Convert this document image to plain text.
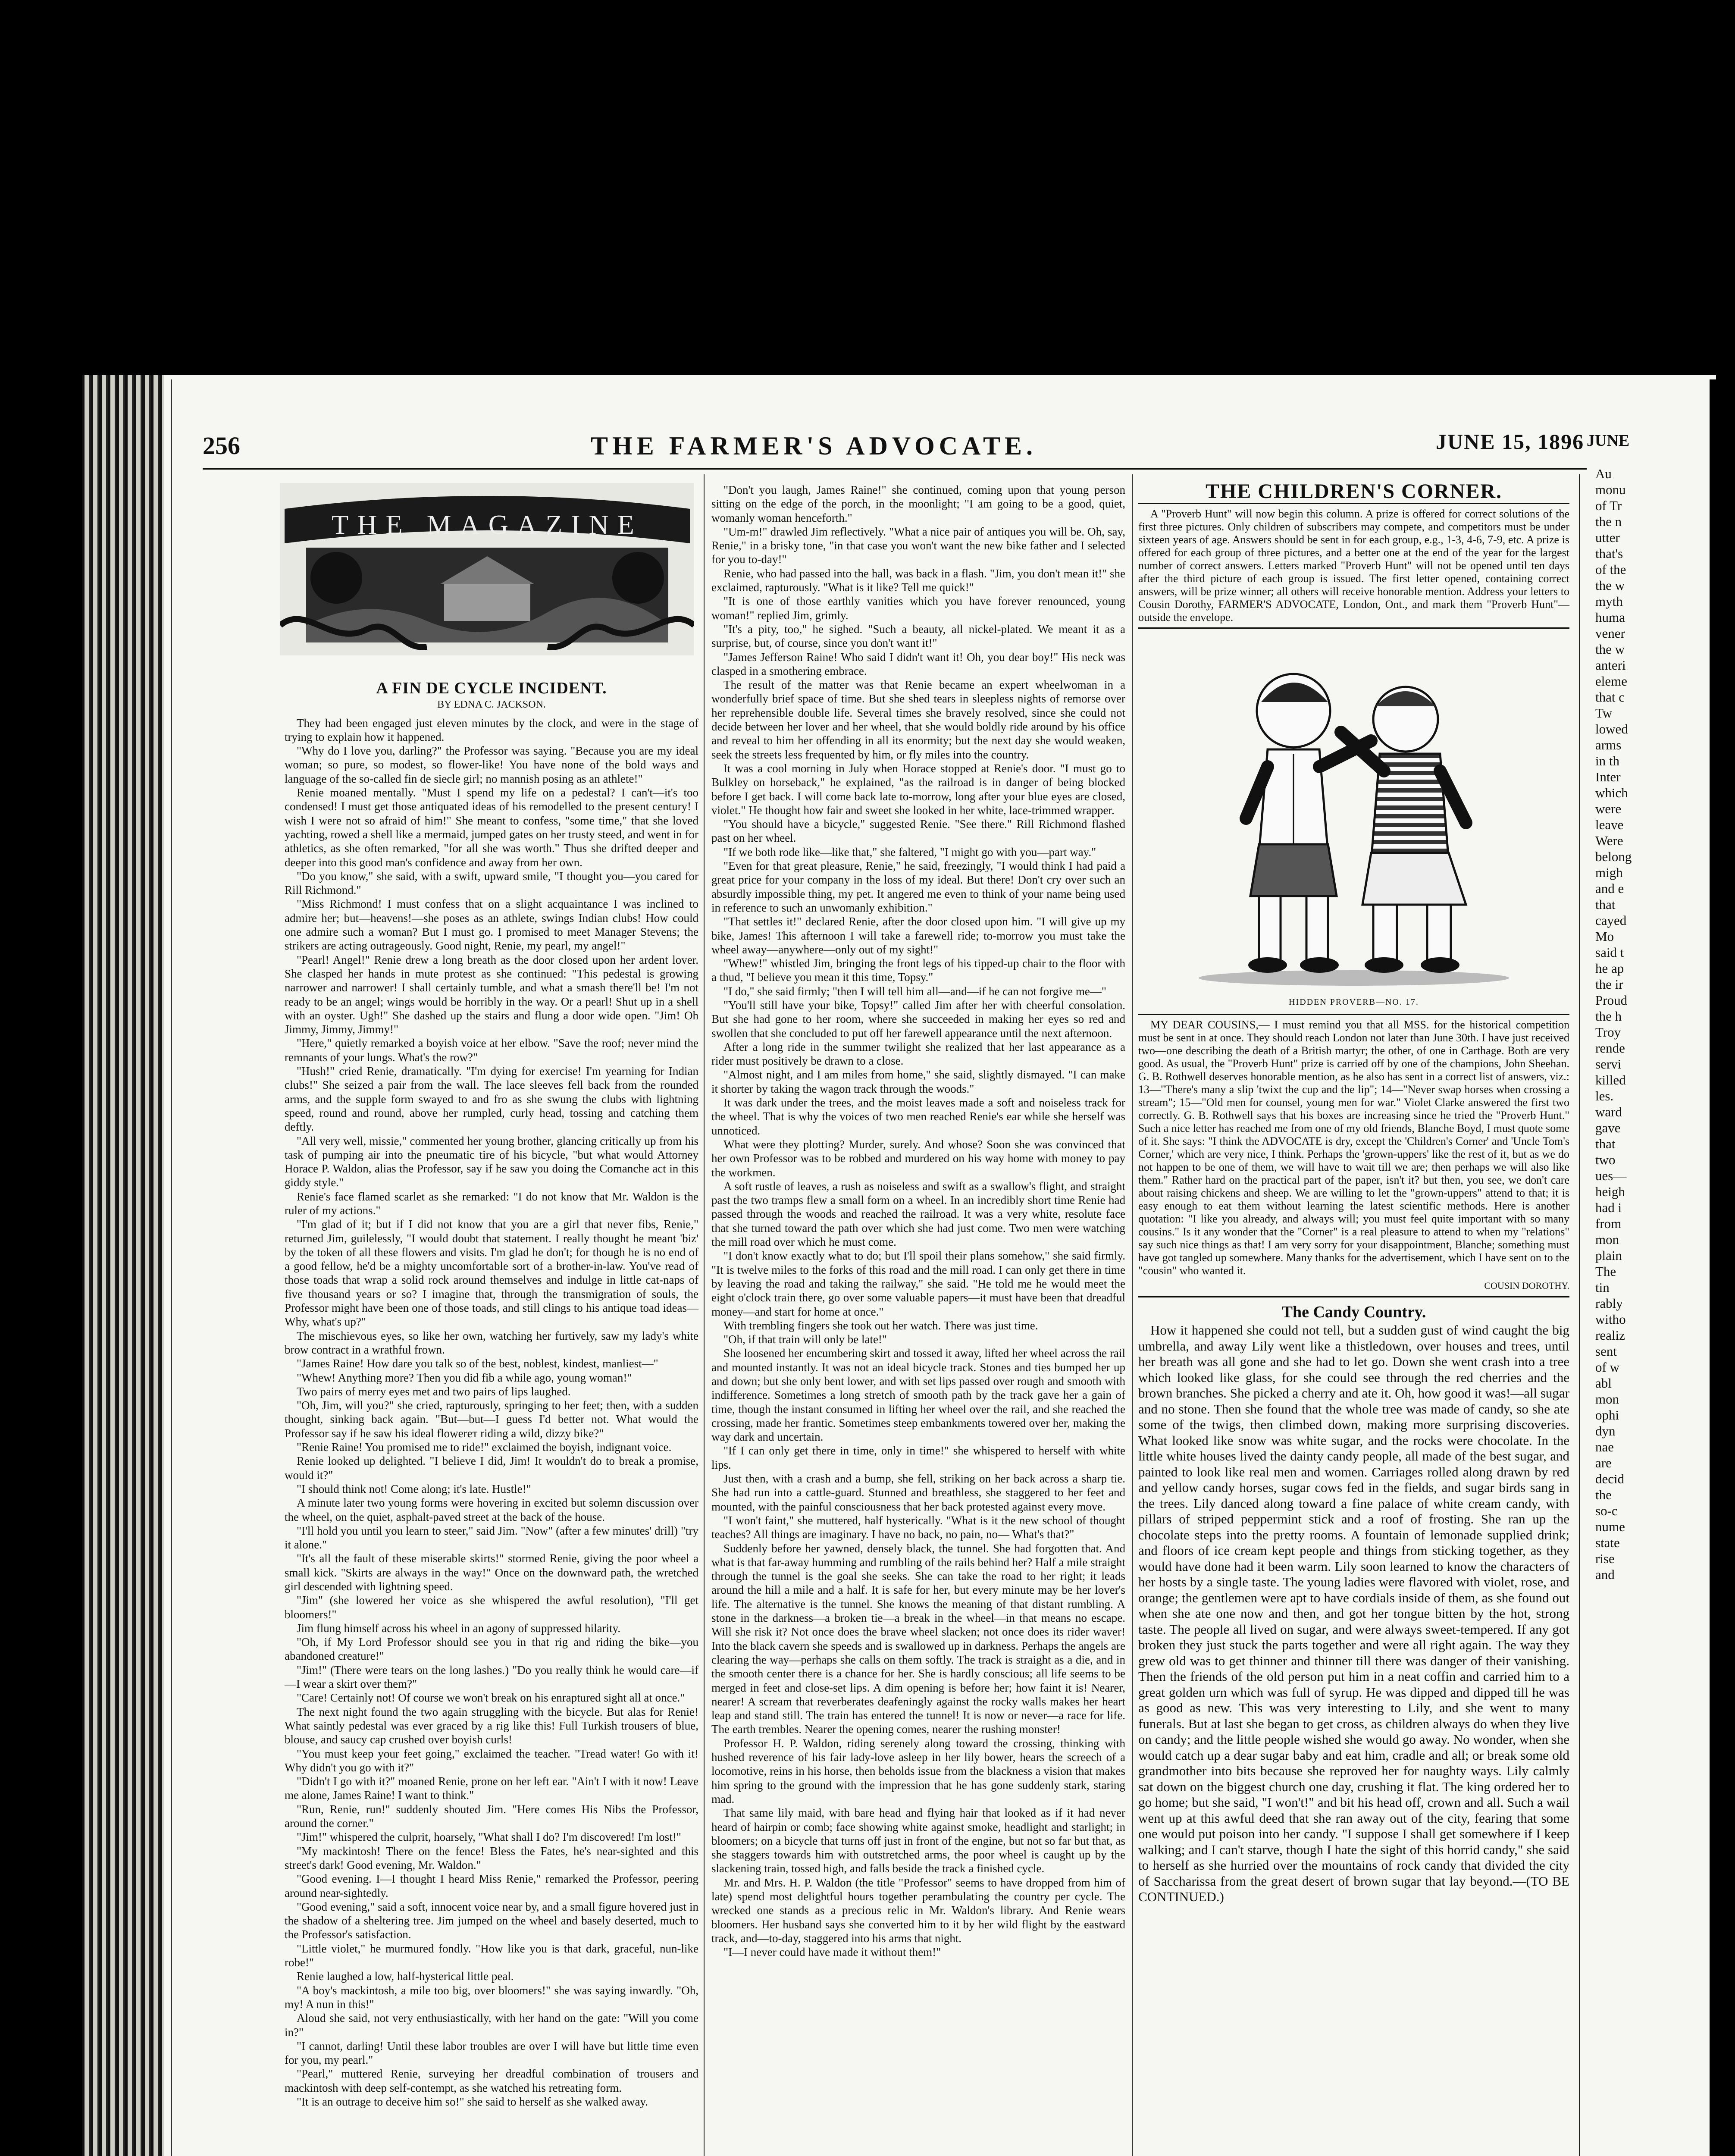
256	THE FARMER'S ADVOCATE.	JUNE 15, 1896 JUNE
THE MAGAZINE
A FIN DE CYCLE INCIDENT.
BY EDNA C. JACKSON.

They had been engaged just eleven minutes by the clock, and were in the stage of trying to explain how it happened.

"Why do I love you, darling?" the Professor was saying. "Because you are my ideal woman; so pure, so modest, so flower-like! You have none of the bold ways and language of the so-called fin de siecle girl; no mannish posing as an athlete!"

Renie moaned mentally. "Must I spend my life on a pedestal? I can't—it's too condensed! I must get those antiquated ideas of his remodelled to the present century! I wish I were not so afraid of him!" She meant to confess, "some time," that she loved yachting, rowed a shell like a mermaid, jumped gates on her trusty steed, and went in for athletics, as she often remarked, "for all she was worth." Thus she drifted deeper and deeper into this good man's confidence and away from her own.

"Do you know," she said, with a swift, upward smile, "I thought you—you cared for Rill Richmond."

"Miss Richmond! I must confess that on a slight acquaintance I was inclined to admire her; but—heavens!—she poses as an athlete, swings Indian clubs! How could one admire such a woman? But I must go. I promised to meet Manager Stevens; the strikers are acting outrageously. Good night, Renie, my pearl, my angel!"

"Pearl! Angel!" Renie drew a long breath as the door closed upon her ardent lover. She clasped her hands in mute protest as she continued: "This pedestal is growing narrower and narrower! I shall certainly tumble, and what a smash there'll be! I'm not ready to be an angel; wings would be horribly in the way. Or a pearl! Shut up in a shell with an oyster. Ugh!" She dashed up the stairs and flung a door wide open. "Jim! Oh Jimmy, Jimmy, Jimmy!"

"Here," quietly remarked a boyish voice at her elbow. "Save the roof; never mind the remnants of your lungs. What's the row?"

"Hush!" cried Renie, dramatically. "I'm dying for exercise! I'm yearning for Indian clubs!" She seized a pair from the wall. The lace sleeves fell back from the rounded arms, and the supple form swayed to and fro as she swung the clubs with lightning speed, round and round, above her rumpled, curly head, tossing and catching them deftly.

"All very well, missie," commented her young brother, glancing critically up from his task of pumping air into the pneumatic tire of his bicycle, "but what would Attorney Horace P. Waldon, alias the Professor, say if he saw you doing the Comanche act in this giddy style."

Renie's face flamed scarlet as she remarked: "I do not know that Mr. Waldon is the ruler of my actions."

"I'm glad of it; but if I did not know that you are a girl that never fibs, Renie," returned Jim, guilelessly, "I would doubt that statement. I really thought he meant 'biz' by the token of all these flowers and visits. I'm glad he don't; for though he is no end of a good fellow, he'd be a mighty uncomfortable sort of a brother-in-law. You've read of those toads that wrap a solid rock around themselves and indulge in little cat-naps of five thousand years or so? I imagine that, through the transmigration of souls, the Professor might have been one of those toads, and still clings to his antique toad ideas— Why, what's up?"

The mischievous eyes, so like her own, watching her furtively, saw my lady's white brow contract in a wrathful frown.

"James Raine! How dare you talk so of the best, noblest, kindest, manliest—"

"Whew! Anything more? Then you did fib a while ago, young woman!"

Two pairs of merry eyes met and two pairs of lips laughed.

"Oh, Jim, will you?" she cried, rapturously, springing to her feet; then, with a sudden thought, sinking back again. "But—but—I guess I'd better not. What would the Professor say if he saw his ideal flowerет riding a wild, dizzy bike?"

"Renie Raine! You promised me to ride!" exclaimed the boyish, indignant voice.

Renie looked up delighted. "I believe I did, Jim! It wouldn't do to break a promise, would it?"

"I should think not! Come along; it's late. Hustle!"

A minute later two young forms were hovering in excited but solemn discussion over the wheel, on the quiet, asphalt-paved street at the back of the house.

"I'll hold you until you learn to steer," said Jim. "Now" (after a few minutes' drill) "try it alone."

"It's all the fault of these miserable skirts!" stormed Renie, giving the poor wheel a small kick. "Skirts are always in the way!" Once on the downward path, the wretched girl descended with lightning speed.

"Jim" (she lowered her voice as she whispered the awful resolution), "I'll get bloomers!"

Jim flung himself across his wheel in an agony of suppressed hilarity.

"Oh, if My Lord Professor should see you in that rig and riding the bike—you abandoned creature!"

"Jim!" (There were tears on the long lashes.) "Do you really think he would care—if—I wear a skirt over them?"

"Care! Certainly not! Of course we won't break on his enraptured sight all at once."

The next night found the two again struggling with the bicycle. But alas for Renie! What saintly pedestal was ever graced by a rig like this! Full Turkish trousers of blue, blouse, and saucy cap crushed over boyish curls!

"You must keep your feet going," exclaimed the teacher. "Tread water! Go with it! Why didn't you go with it?"

"Didn't I go with it?" moaned Renie, prone on her left ear. "Ain't I with it now! Leave me alone, James Raine! I want to think."

"Run, Renie, run!" suddenly shouted Jim. "Here comes His Nibs the Professor, around the corner."

"Jim!" whispered the culprit, hoarsely, "What shall I do? I'm discovered! I'm lost!"

"My mackintosh! There on the fence! Bless the Fates, he's near-sighted and this street's dark! Good evening, Mr. Waldon."

"Good evening. I—I thought I heard Miss Renie," remarked the Professor, peering around near-sightedly.

"Good evening," said a soft, innocent voice near by, and a small figure hovered just in the shadow of a sheltering tree. Jim jumped on the wheel and basely deserted, much to the Professor's satisfaction.

"Little violet," he murmured fondly. "How like you is that dark, graceful, nun-like robe!"

Renie laughed a low, half-hysterical little peal.

"A boy's mackintosh, a mile too big, over bloomers!" she was saying inwardly. "Oh, my! A nun in this!"

Aloud she said, not very enthusiastically, with her hand on the gate: "Will you come in?"

"I cannot, darling! Until these labor troubles are over I will have but little time even for you, my pearl."

"Pearl," muttered Renie, surveying her dreadful combination of trousers and mackintosh with deep self-contempt, as she watched his retreating form.

"It is an outrage to deceive him so!" she said to herself as she walked away.

"Don't you laugh, James Raine!" she continued, coming upon that young person sitting on the edge of the porch, in the moonlight; "I am going to be a good, quiet, womanly woman henceforth."

"Um-m!" drawled Jim reflectively. "What a nice pair of antiques you will be. Oh, say, Renie," in a brisky tone, "in that case you won't want the new bike father and I selected for you to-day!"

Renie, who had passed into the hall, was back in a flash. "Jim, you don't mean it!" she exclaimed, rapturously. "What is it like? Tell me quick!"

"It is one of those earthly vanities which you have forever renounced, young woman!" replied Jim, grimly.

"It's a pity, too," he sighed. "Such a beauty, all nickel-plated. We meant it as a surprise, but, of course, since you don't want it!"

"James Jefferson Raine! Who said I didn't want it! Oh, you dear boy!" His neck was clasped in a smothering embrace.

The result of the matter was that Renie became an expert wheelwoman in a wonderfully brief space of time. But she shed tears in sleepless nights of remorse over her reprehensible double life. Several times she bravely resolved, since she could not decide between her lover and her wheel, that she would boldly ride around by his office and reveal to him her offending in all its enormity; but the next day she would weaken, seek the streets less frequented by him, or fly miles into the country.

It was a cool morning in July when Horace stopped at Renie's door. "I must go to Bulkley on horseback," he explained, "as the railroad is in danger of being blocked before I get back. I will come back late to-morrow, long after your blue eyes are closed, violet." He thought how fair and sweet she looked in her white, lace-trimmed wrapper.

"You should have a bicycle," suggested Renie. "See there." Rill Richmond flashed past on her wheel.

"If we both rode like—like that," she faltered, "I might go with you—part way."

"Even for that great pleasure, Renie," he said, freezingly, "I would think I had paid a great price for your company in the loss of my ideal. But there! Don't cry over such an absurdly impossible thing, my pet. It angered me even to think of your name being used in reference to such an unwomanly exhibition."

"That settles it!" declared Renie, after the door closed upon him. "I will give up my bike, James! This afternoon I will take a farewell ride; to-morrow you must take the wheel away—anywhere—only out of my sight!"

"Whew!" whistled Jim, bringing the front legs of his tipped-up chair to the floor with a thud, "I believe you mean it this time, Topsy."

"I do," she said firmly; "then I will tell him all—and—if he can not forgive me—"

"You'll still have your bike, Topsy!" called Jim after her with cheerful consolation. But she had gone to her room, where she succeeded in making her eyes so red and swollen that she concluded to put off her farewell appearance until the next afternoon.

After a long ride in the summer twilight she realized that her last appearance as a rider must positively be drawn to a close.

"Almost night, and I am miles from home," she said, slightly dismayed. "I can make it shorter by taking the wagon track through the woods."

It was dark under the trees, and the moist leaves made a soft and noiseless track for the wheel. That is why the voices of two men reached Renie's ear while she herself was unnoticed.

What were they plotting? Murder, surely. And whose? Soon she was convinced that her own Professor was to be robbed and murdered on his way home with money to pay the workmen.

A soft rustle of leaves, a rush as noiseless and swift as a swallow's flight, and straight past the two tramps flew a small form on a wheel. In an incredibly short time Renie had passed through the woods and reached the railroad. It was a very white, resolute face that she turned toward the path over which she had just come. Two men were watching the mill road over which he must come.

"I don't know exactly what to do; but I'll spoil their plans somehow," she said firmly. "It is twelve miles to the forks of this road and the mill road. I can only get there in time by leaving the road and taking the railway," she said. "He told me he would meet the eight o'clock train there, go over some valuable papers—it must have been that dreadful money—and start for home at once."

With trembling fingers she took out her watch. There was just time.

"Oh, if that train will only be late!"

She loosened her encumbering skirt and tossed it away, lifted her wheel across the rail and mounted instantly. It was not an ideal bicycle track. Stones and ties bumped her up and down; but she only bent lower, and with set lips passed over rough and smooth with indifference. Sometimes a long stretch of smooth path by the track gave her a gain of time, though the instant consumed in lifting her wheel over the rail, and she reached the crossing, made her frantic. Sometimes steep embankments towered over her, making the way dark and uncertain.

"If I can only get there in time, only in time!" she whispered to herself with white lips.

Just then, with a crash and a bump, she fell, striking on her back across a sharp tie. She had run into a cattle-guard. Stunned and breathless, she staggered to her feet and mounted, with the painful consciousness that her back protested against every move.

"I won't faint," she muttered, half hysterically. "What is it the new school of thought teaches? All things are imaginary. I have no back, no pain, no— What's that?"

Suddenly before her yawned, densely black, the tunnel. She had forgotten that. And what is that far-away humming and rumbling of the rails behind her? Half a mile straight through the tunnel is the goal she seeks. She can take the road to her right; it leads around the hill a mile and a half. It is safe for her, but every minute may be her lover's life. The alternative is the tunnel. She knows the meaning of that distant rumbling. A stone in the darkness—a broken tie—a break in the wheel—in that means no escape. Will she risk it? Not once does the brave wheel slacken; not once does its rider waver! Into the black cavern she speeds and is swallowed up in darkness. Perhaps the angels are clearing the way—perhaps she calls on them softly. The track is straight as a die, and in the smooth center there is a chance for her. She is hardly conscious; all life seems to be merged in feet and close-set lips. A dim opening is before her; how faint it is! Nearer, nearer! A scream that reverberates deafeningly against the rocky walls makes her heart leap and stand still. The train has entered the tunnel! It is now or never—a race for life. The earth trembles. Nearer the opening comes, nearer the rushing monster!

Professor H. P. Waldon, riding serenely along toward the crossing, thinking with hushed reverence of his fair lady-love asleep in her lily bower, hears the screech of a locomotive, reins in his horse, then beholds issue from the blackness a vision that makes him spring to the ground with the impression that he has gone suddenly stark, staring mad.

That same lily maid, with bare head and flying hair that looked as if it had never heard of hairpin or comb; face showing white against smoke, headlight and starlight; in bloomers; on a bicycle that turns off just in front of the engine, but not so far but that, as she staggers towards him with outstretched arms, the poor wheel is caught up by the slackening train, tossed high, and falls beside the track a finished cycle.

Mr. and Mrs. H. P. Waldon (the title "Professor" seems to have dropped from him of late) spend most delightful hours together perambulating the country per cycle. The wrecked one stands as a precious relic in Mr. Waldon's library. And Renie wears bloomers. Her husband says she converted him to it by her wild flight by the eastward track, and—to-day, staggered into his arms that night.

"I—I never could have made it without them!"

THE CHILDREN'S CORNER.

A "Proverb Hunt" will now begin this column. A prize is offered for correct solutions of the first three pictures. Only children of subscribers may compete, and competitors must be under sixteen years of age. Answers should be sent in for each group, e.g., 1-3, 4-6, 7-9, etc. A prize is offered for each group of three pictures, and a better one at the end of the year for the largest number of correct answers. Letters marked "Proverb Hunt" will not be opened until ten days after the third picture of each group is issued. The first letter opened, containing correct answers, will be prize winner; all others will receive honorable mention. Address your letters to Cousin Dorothy, FARMER'S ADVOCATE, London, Ont., and mark them "Proverb Hunt"—outside the envelope.

HIDDEN PROVERB—NO. 17.

MY DEAR COUSINS,— I must remind you that all MSS. for the historical competition must be sent in at once. They should reach London not later than June 30th. I have just received two—one describing the death of a British martyr; the other, of one in Carthage. Both are very good. As usual, the "Proverb Hunt" prize is carried off by one of the champions, John Sheehan. G. B. Rothwell deserves honorable mention, as he also has sent in a correct list of answers, viz.: 13—"There's many a slip 'twixt the cup and the lip"; 14—"Never swap horses when crossing a stream"; 15—"Old men for counsel, young men for war." Violet Clarke answered the first two correctly. G. B. Rothwell says that his boxes are increasing since he tried the "Proverb Hunt." Such a nice letter has reached me from one of my old friends, Blanche Boyd, I must quote some of it. She says: "I think the ADVOCATE is dry, except the 'Children's Corner' and 'Uncle Tom's Corner,' which are very nice, I think. Perhaps the 'grown-uppers' like the rest of it, but as we do not happen to be one of them, we will have to wait till we are; then perhaps we will also like them." Rather hard on the practical part of the paper, isn't it? but then, you see, we don't care about raising chickens and sheep. We are willing to let the "grown-uppers" attend to that; it is easy enough to eat them without learning the latest scientific methods. Here is another quotation: "I like you already, and always will; you must feel quite important with so many cousins." Is it any wonder that the "Corner" is a real pleasure to attend to when my "relations" say such nice things as that! I am very sorry for your disappointment, Blanche; something must have got tangled up somewhere. Many thanks for the advertisement, which I have sent on to the "cousin" who wanted it.

COUSIN DOROTHY.
The Candy Country.

How it happened she could not tell, but a sudden gust of wind caught the big umbrella, and away Lily went like a thistledown, over houses and trees, until her breath was all gone and she had to let go. Down she went crash into a tree which looked like glass, for she could see through the red cherries and the brown branches. She picked a cherry and ate it. Oh, how good it was!—all sugar and no stone. Then she found that the whole tree was made of candy, so she ate some of the twigs, then climbed down, making more surprising discoveries. What looked like snow was white sugar, and the rocks were chocolate. In the little white houses lived the dainty candy people, all made of the best sugar, and painted to look like real men and women. Carriages rolled along drawn by red and yellow candy horses, sugar cows fed in the fields, and sugar birds sang in the trees. Lily danced along toward a fine palace of white cream candy, with pillars of striped peppermint stick and a roof of frosting. She ran up the chocolate steps into the pretty rooms. A fountain of lemonade supplied drink; and floors of ice cream kept people and things from sticking together, as they would have done had it been warm. Lily soon learned to know the characters of her hosts by a single taste. The young ladies were flavored with violet, rose, and orange; the gentlemen were apt to have cordials inside of them, as she found out when she ate one now and then, and got her tongue bitten by the hot, strong taste. The people all lived on sugar, and were always sweet-tempered. If any got broken they just stuck the parts together and were all right again. The way they grew old was to get thinner and thinner till there was danger of their vanishing. Then the friends of the old person put him in a neat coffin and carried him to a great golden urn which was full of syrup. He was dipped and dipped till he was as good as new. This was very interesting to Lily, and she went to many funerals. But at last she began to get cross, as children always do when they live on candy; and the little people wished she would go away. No wonder, when she would catch up a dear sugar baby and eat him, cradle and all; or break some old grandmother into bits because she reproved her for naughty ways. Lily calmly sat down on the biggest church one day, crushing it flat. The king ordered her to go home; but she said, "I won't!" and bit his head off, crown and all. Such a wail went up at this awful deed that she ran away out of the city, fearing that some one would put poison into her candy. "I suppose I shall get somewhere if I keep walking; and I can't starve, though I hate the sight of this horrid candy," she said to herself as she hurried over the mountains of rock candy that divided the city of Saccharissa from the great desert of brown sugar that lay beyond.—(TO BE CONTINUED.)

Au
monu
of Tr
the n
utter
that's
of the
the w
myth
huma
vener
the w
anteri
eleme
that c
Tw
lowed
arms
in th
Inter
which
were
leave
Were
belong
migh
and e
that
cayed
Mo
said t
he ap
the ir
Proud
the h
Troy
rende
servi
killed
les.
ward
gave
that
two
ues—
heigh
had i
from
mon
plain
The
tin
rably
witho
realiz
sent
of w
abl
mon
ophi
dyn
nae
are
decid
the
so-c
nume
state
rise
and
